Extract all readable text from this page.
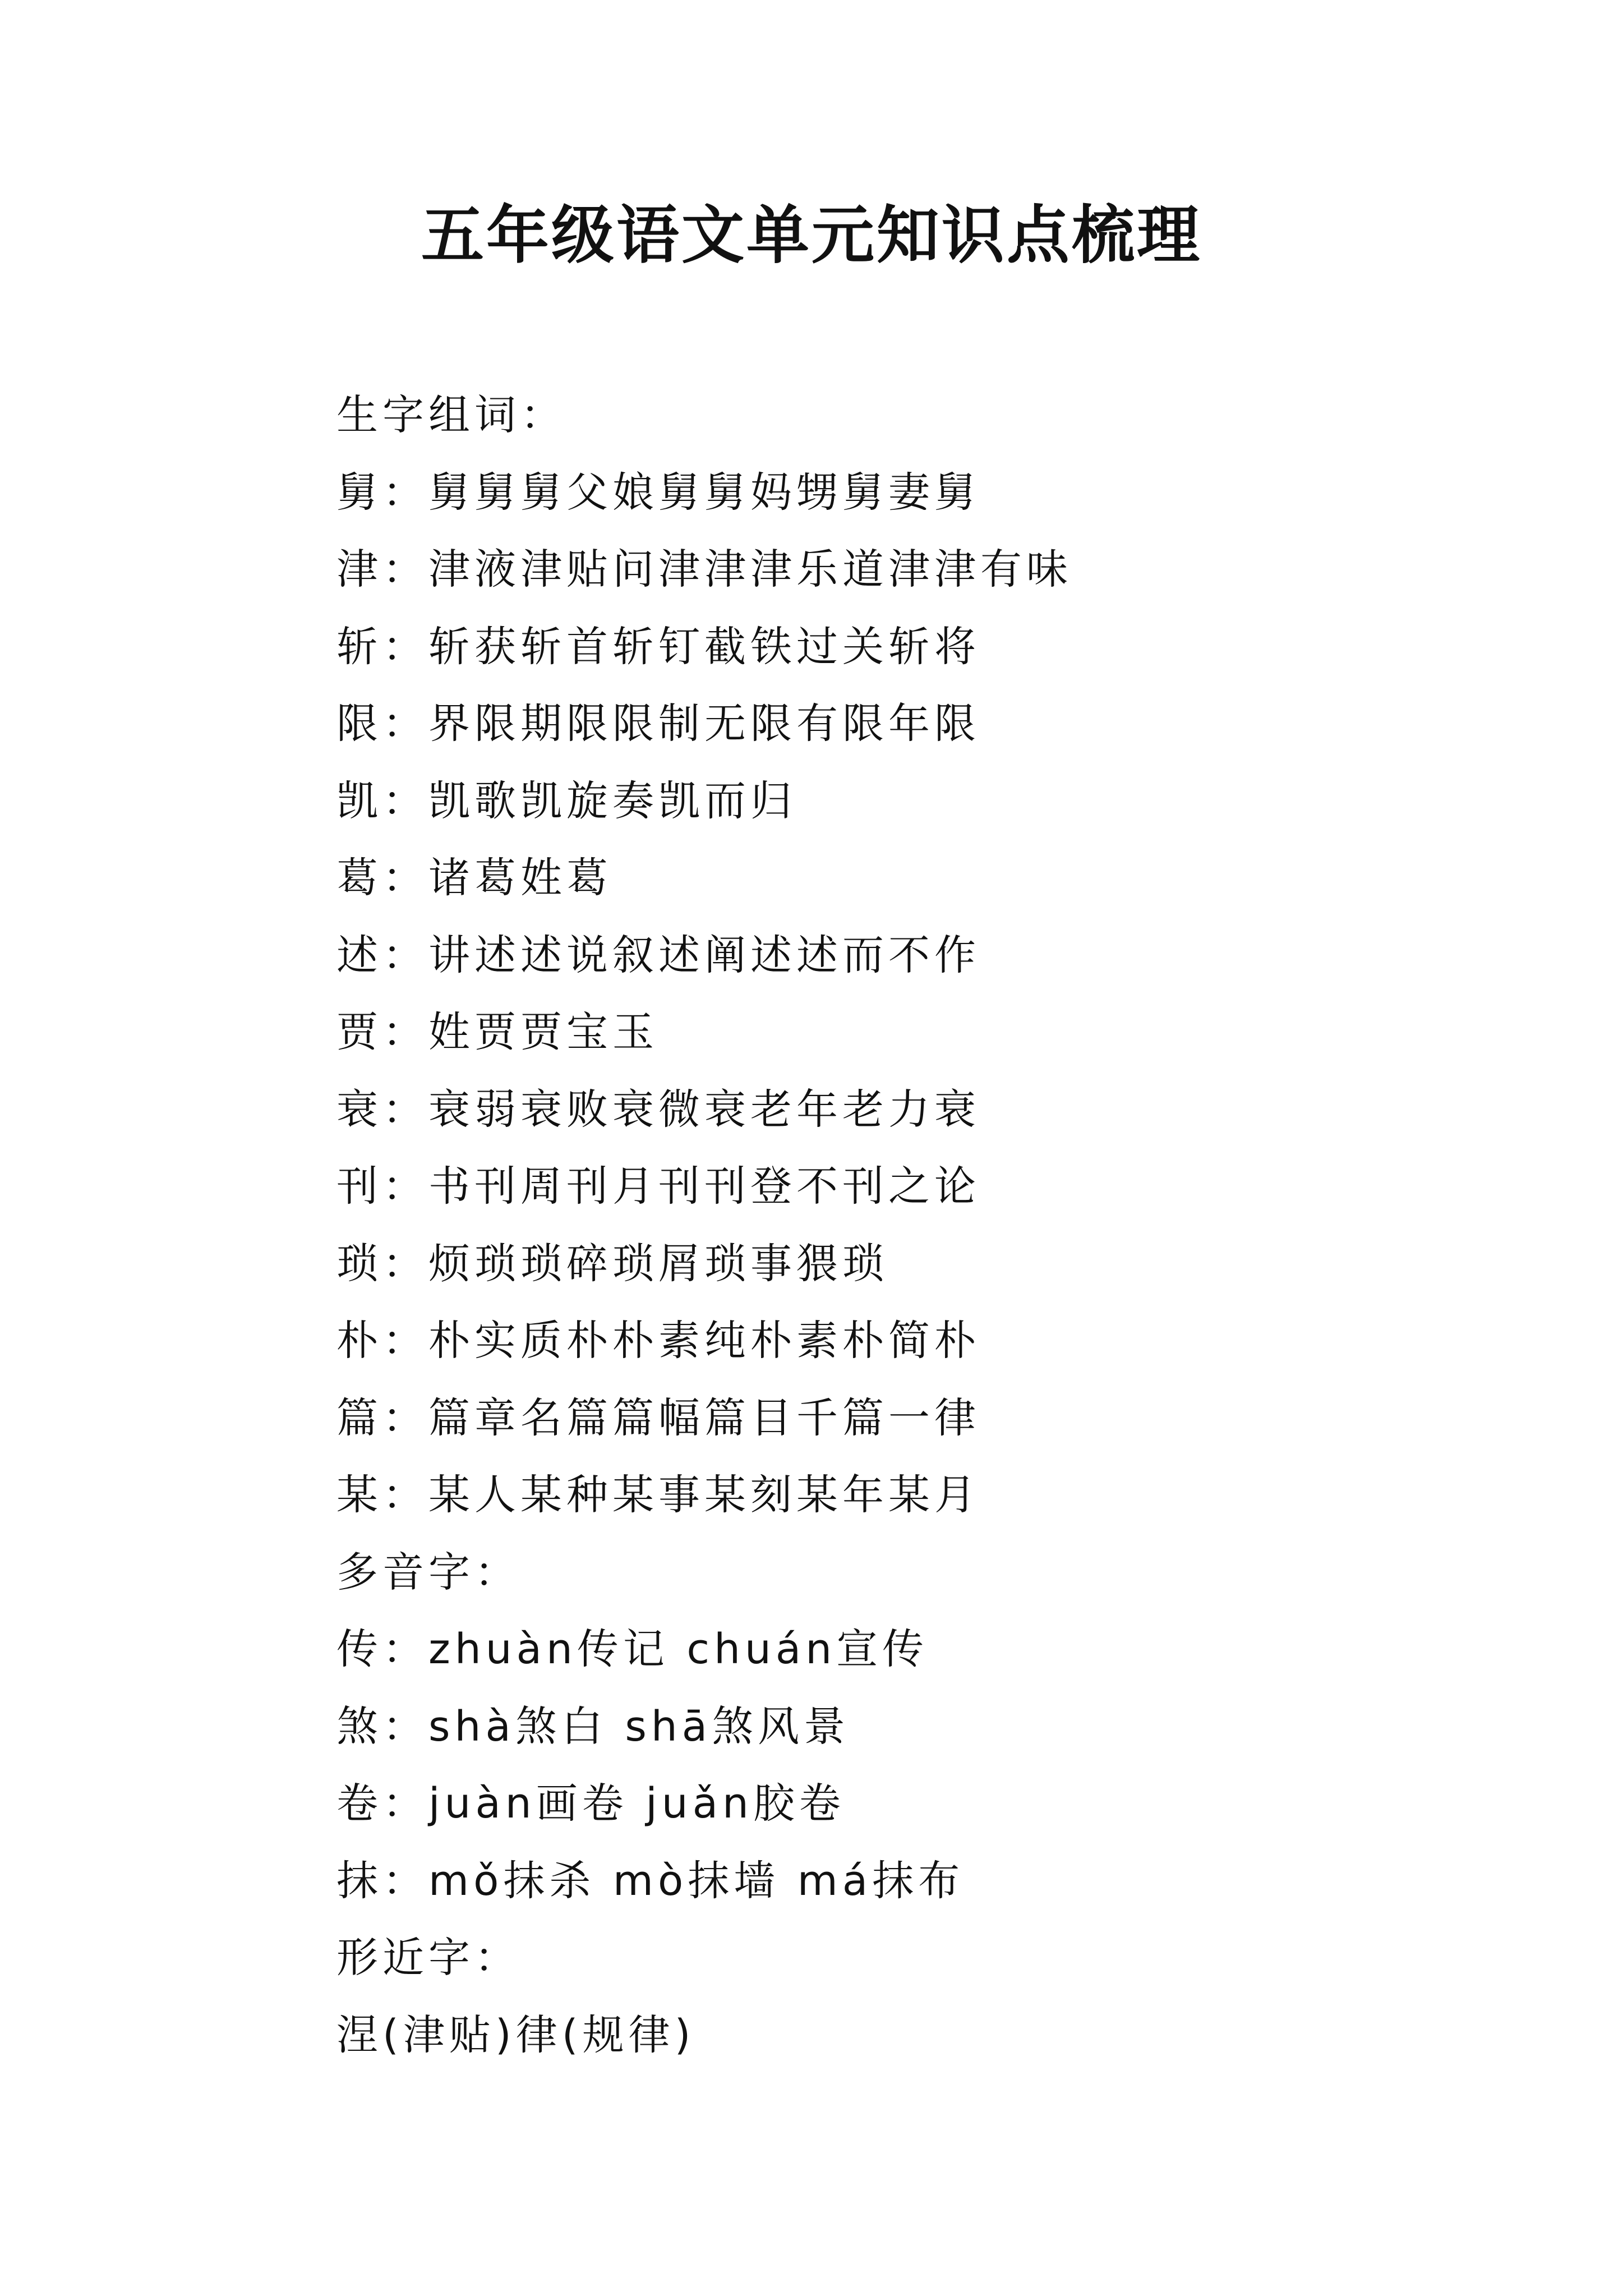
五年级语文单元知识点梳理
生字组词：
舅：舅舅舅父娘舅舅妈甥舅妻舅
津：津液津贴问津津津乐道津津有味
斩：斩获斩首斩钉截铁过关斩将
限：界限期限限制无限有限年限
凯：凯歌凯旋奏凯而归
葛：诸葛姓葛
述：讲述述说叙述阐述述而不作
贾：姓贾贾宝玉
衰：衰弱衰败衰微衰老年老力衰
刊：书刊周刊月刊刊登不刊之论
琐：烦琐琐碎琐屑琐事猥琐
朴：朴实质朴朴素纯朴素朴简朴
篇：篇章名篇篇幅篇目千篇一律
某：某人某种某事某刻某年某月
多音字：
传：zhuàn传记 chuán宣传
煞：shà煞白 shā煞风景
卷：juàn画卷 juǎn胶卷
抹：mǒ抹杀 mò抹墙 má抹布
形近字：
涅(津贴)律(规律)
